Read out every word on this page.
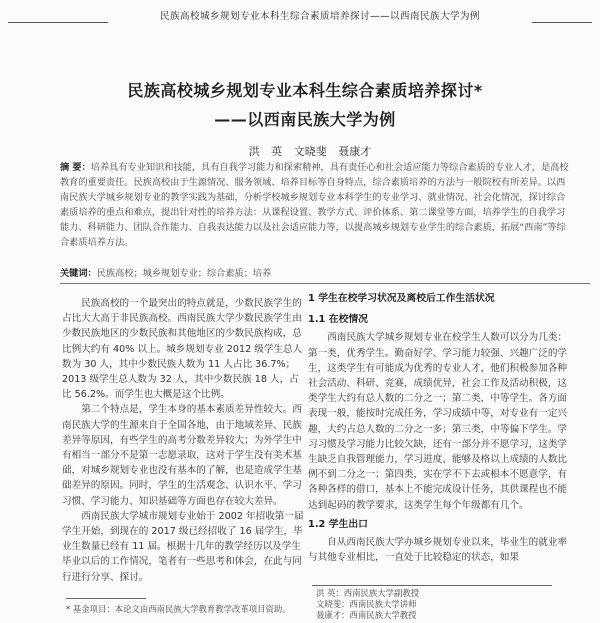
民族高校城乡规划专业本科生综合素质培养探讨——以西南民族大学为例
民族高校城乡规划专业本科生综合素质培养探讨*
——以西南民族大学为例
洪 英 文晓斐 聂康才
摘 要：培养具有专业知识和技能，具有自我学习能力和探索精神，具有责任心和社会适应能力等综合素质的专业人才，是高校教育的重要责任。民族高校由于生源情况、服务领域、培养目标等自身特点，综合素质培养的方法与一般院校有所差异。以西南民族大学城乡规划专业的教学实践为基础，分析学校城乡规划专业本科学生的专业学习、就业情况、社会化情况，探讨综合素质培养的重点和难点，提出针对性的培养方法：从课程设置、教学方式、评价体系、第二课堂等方面，培养学生的自我学习能力、科研能力、团队合作能力、自我表达能力以及社会适应能力等，以提高城乡规划专业学生的综合素质，拓展“西南”等综合素质培养方法。
关键词：民族高校；城乡规划专业；综合素质；培养

民族高校的一个最突出的特点就是，少数民族学生的占比大大高于非民族高校。西南民族大学少数民族学生由少数民族地区的少数民族和其他地区的少数民族构成，总比例大约有 40% 以上。城乡规划专业 2012 级学生总人数为 30 人，其中少数民族人数为 11 人占比 36.7%；2013 级学生总人数为 32 人，其中少数民族 18 人，占比 56.2%。而学生也大概是这个比例。

第二个特点是，学生本身的基本素质差异性较大。西南民族大学的生源来自于全国各地，由于地域差异、民族差异等原因，有些学生的高考分数差异较大；为外学生中有相当一部分不是第一志愿录取，这对于学生没有美术基础，对城乡规划专业也没有基本的了解，也是造成学生基础差异的原因。同时，学生的生活观念、认识水平、学习习惯、学习能力、知识基础等方面也存在较大差异。

西南民族大学城市规划专业始于 2002 年招收第一届学生开始，到现在的 2017 级已经招收了 16 届学生，毕业生数量已经有 11 届。根据十几年的教学经历以及学生毕业以后的工作情况，笔者有一些思考和体会，在此与同行进行分享、探讨。

1 学生在校学习状况及离校后工作生活状况
1.1 在校情况

西南民族大学城乡规划专业在校学生人数可以分为几类：第一类，优秀学生。勤奋好学、学习能力较强、兴趣广泛的学生，这类学生有可能成为优秀的专业人才，他们积极参加各种社会活动、科研、竞赛，成绩优异，社会工作及活动积极，这类学生大约有总人数的二分之一；第二类，中等学生。各方面表现一般，能按时完成任务，学习成绩中等，对专业有一定兴趣，大约占总人数的二分之一多；第三类，中等偏下学生。学习习惯及学习能力比较欠缺，还有一部分并不愿学习，这类学生缺乏自我管理能力，学习进度、能够及格以上成绩的人数比例不到二分之一；第四类，实在学不下去或根本不愿意学，有各种各样的借口，基本上不能完成设计任务，其供课程也不能达到起码的教学要求，这类学生每个年级都有几个。

1.2 学生出口

自从西南民族大学办城乡规划专业以来，毕业生的就业率与其他专业相比，一直处于比较稳定的状态，如果

* 基金项目：本论文由西南民族大学教育教学改革项目资助。
洪 英：西南民族大学副教授
文晓斐：西南民族大学讲师
聂康才：西南民族大学教授
